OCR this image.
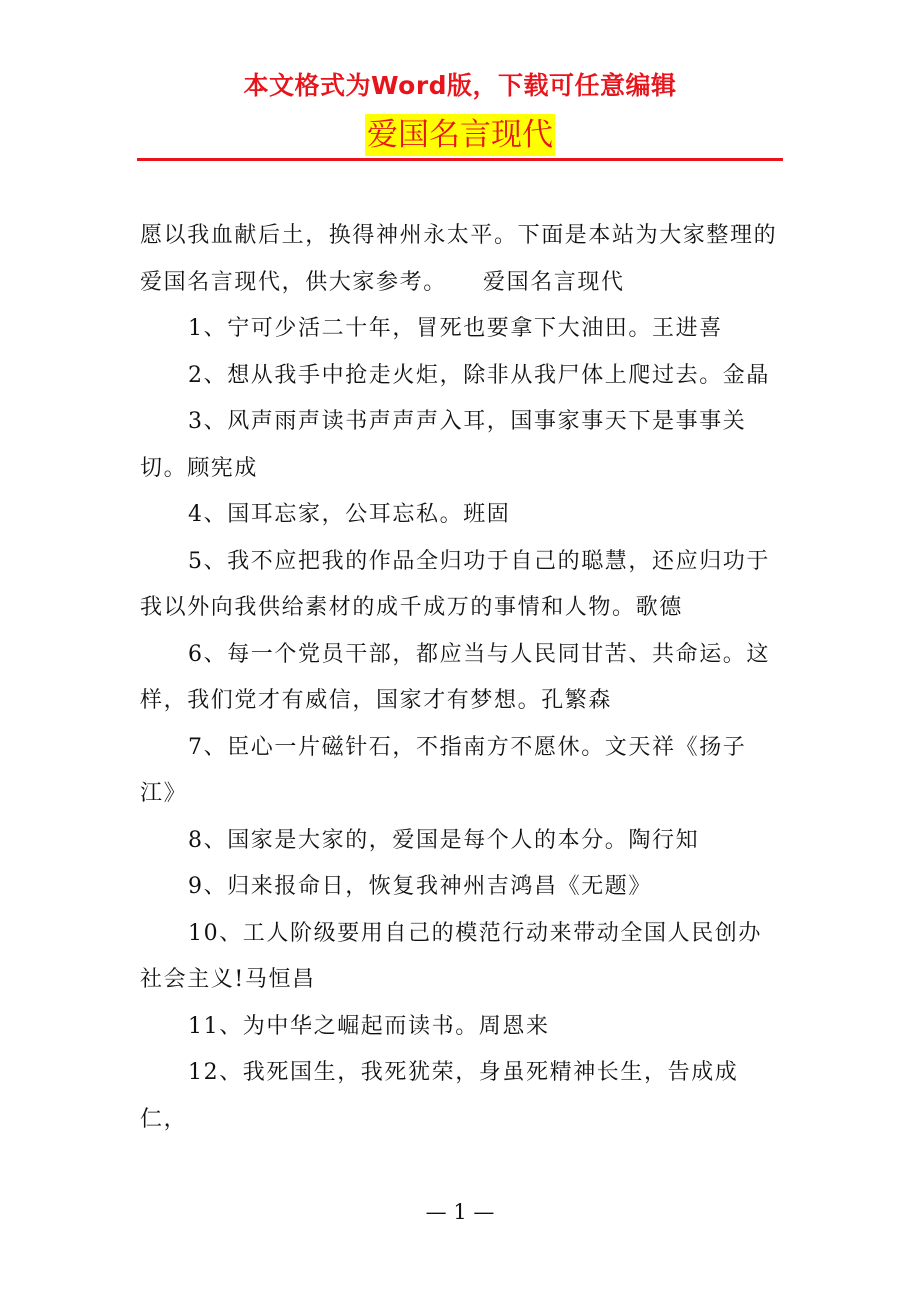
本文格式为Word版，下载可任意编辑
爱国名言现代

愿以我血献后土，换得神州永太平。下面是本站为大家整理的爱国名言现代，供大家参考。　　爱国名言现代

1、宁可少活二十年，冒死也要拿下大油田。王进喜

2、想从我手中抢走火炬，除非从我尸体上爬过去。金晶

3、风声雨声读书声声声入耳，国事家事天下是事事关切。顾宪成

4、国耳忘家，公耳忘私。班固

5、我不应把我的作品全归功于自己的聪慧，还应归功于我以外向我供给素材的成千成万的事情和人物。歌德

6、每一个党员干部，都应当与人民同甘苦、共命运。这样，我们党才有威信，国家才有梦想。孔繁森

7、臣心一片磁针石，不指南方不愿休。文天祥《扬子江》

8、国家是大家的，爱国是每个人的本分。陶行知

9、归来报命日，恢复我神州吉鸿昌《无题》

10、工人阶级要用自己的模范行动来带动全国人民创办社会主义!马恒昌

11、为中华之崛起而读书。周恩来

12、我死国生，我死犹荣，身虽死精神长生，告成成仁，

— 1 —
